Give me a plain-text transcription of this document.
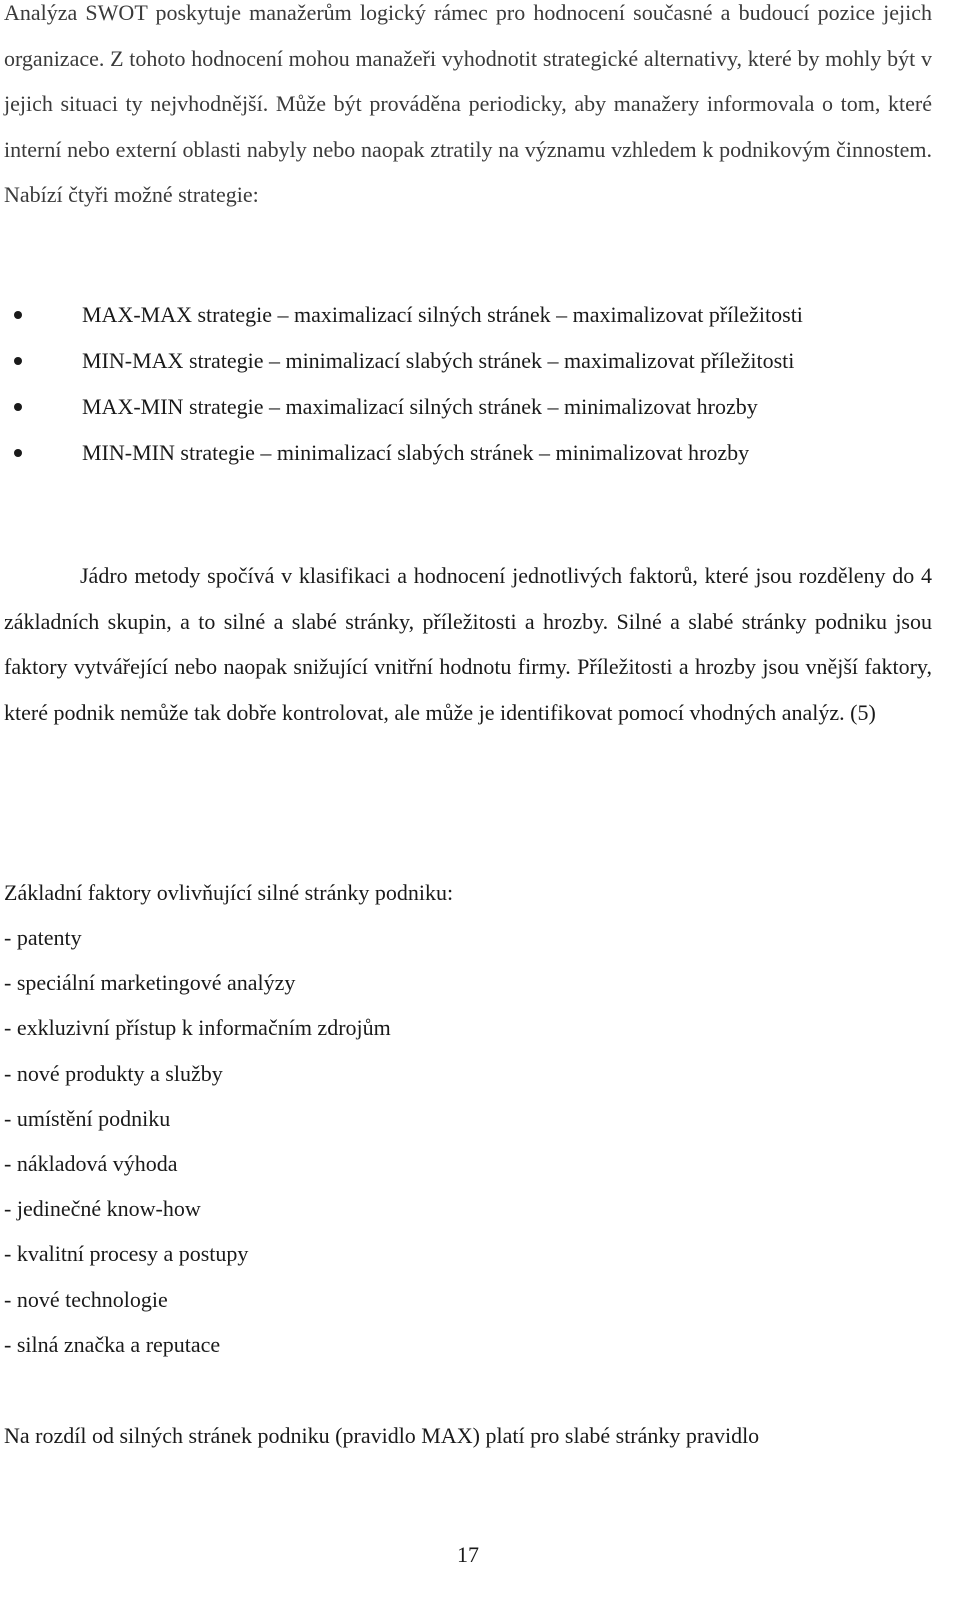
Analýza SWOT poskytuje manažerům logický rámec pro hodnocení současné a budoucí pozice jejich organizace. Z tohoto hodnocení mohou manažeři vyhodnotit strategické alternativy, které by mohly být v jejich situaci ty nejvhodnější. Může být prováděna periodicky, aby manažery informovala o tom, které interní nebo externí oblasti nabyly nebo naopak ztratily na významu vzhledem k podnikovým činnostem. Nabízí čtyři možné strategie:

MAX-MAX strategie – maximalizací silných stránek – maximalizovat příležitosti
MIN-MAX strategie – minimalizací slabých stránek – maximalizovat příležitosti
MAX-MIN strategie – maximalizací silných stránek – minimalizovat hrozby
MIN-MIN strategie – minimalizací slabých stránek – minimalizovat hrozby

Jádro metody spočívá v klasifikaci a hodnocení jednotlivých faktorů, které jsou rozděleny do 4 základních skupin, a to silné a slabé stránky, příležitosti a hrozby. Silné a slabé stránky podniku jsou faktory vytvářející nebo naopak snižující vnitřní hodnotu firmy. Příležitosti a hrozby jsou vnější faktory, které podnik nemůže tak dobře kontrolovat, ale může je identifikovat pomocí vhodných analýz. (5)

Základní faktory ovlivňující silné stránky podniku:

- patenty
- speciální marketingové analýzy
- exkluzivní přístup k informačním zdrojům
- nové produkty a služby
- umístění podniku
- nákladová výhoda
- jedinečné know-how
- kvalitní procesy a postupy
- nové technologie
- silná značka a reputace

Na rozdíl od silných stránek podniku (pravidlo MAX) platí pro slabé stránky pravidlo

17
